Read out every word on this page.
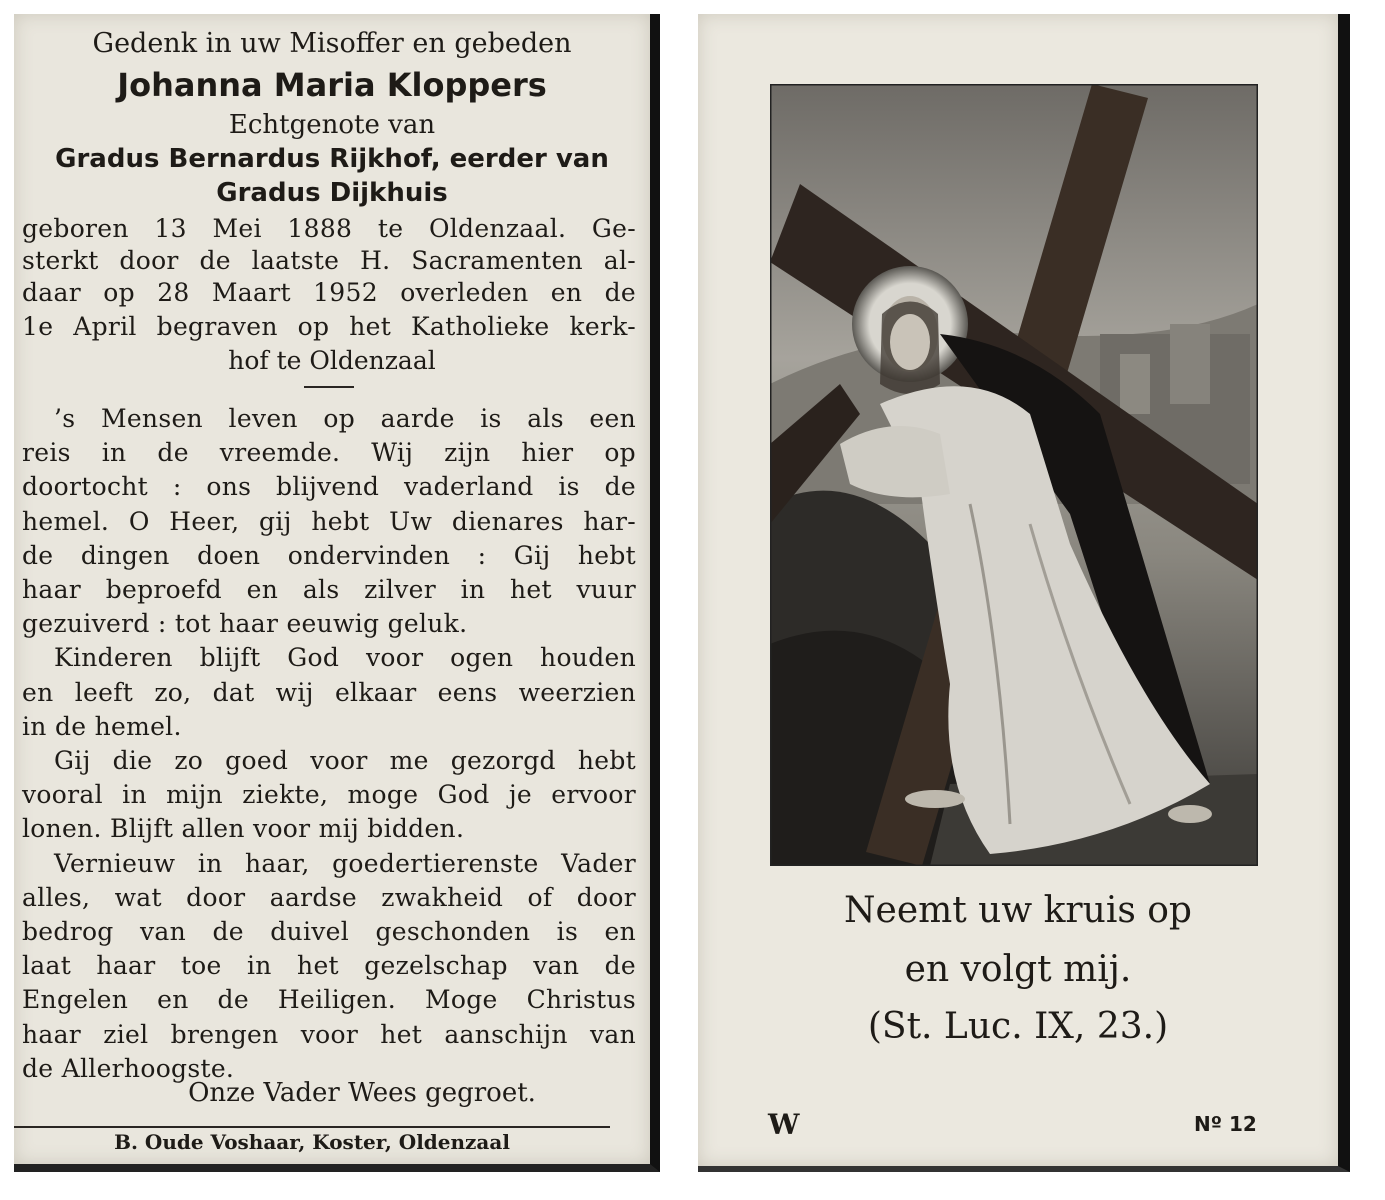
Gedenk in uw Misoffer en gebeden
Johanna Maria Kloppers
Echtgenote van
Gradus Bernardus Rijkhof, eerder van
Gradus Dijkhuis
geboren 13 Mei 1888 te Oldenzaal. Ge-
sterkt door de laatste H. Sacramenten al-
daar op 28 Maart 1952 overleden en de
1e April begraven op het Katholieke kerk-
hof te Oldenzaal
’s Mensen leven op aarde is als een
reis in de vreemde. Wij zijn hier op
doortocht : ons blijvend vaderland is de
hemel. O Heer, gij hebt Uw dienares har-
de dingen doen ondervinden : Gij hebt
haar beproefd en als zilver in het vuur
gezuiverd : tot haar eeuwig geluk.
Kinderen blijft God voor ogen houden
en leeft zo, dat wij elkaar eens weerzien
in de hemel.
Gij die zo goed voor me gezorgd hebt
vooral in mijn ziekte, moge God je ervoor
lonen. Blijft allen voor mij bidden.
Vernieuw in haar, goedertierenste Vader
alles, wat door aardse zwakheid of door
bedrog van de duivel geschonden is en
laat haar toe in het gezelschap van de
Engelen en de Heiligen. Moge Christus
haar ziel brengen voor het aanschijn van
de Allerhoogste.
Onze Vader Wees gegroet.
B. Oude Voshaar, Koster, Oldenzaal
Neemt uw kruis op
en volgt mij.
(St. Luc. IX, 23.)
W	Nº 12
